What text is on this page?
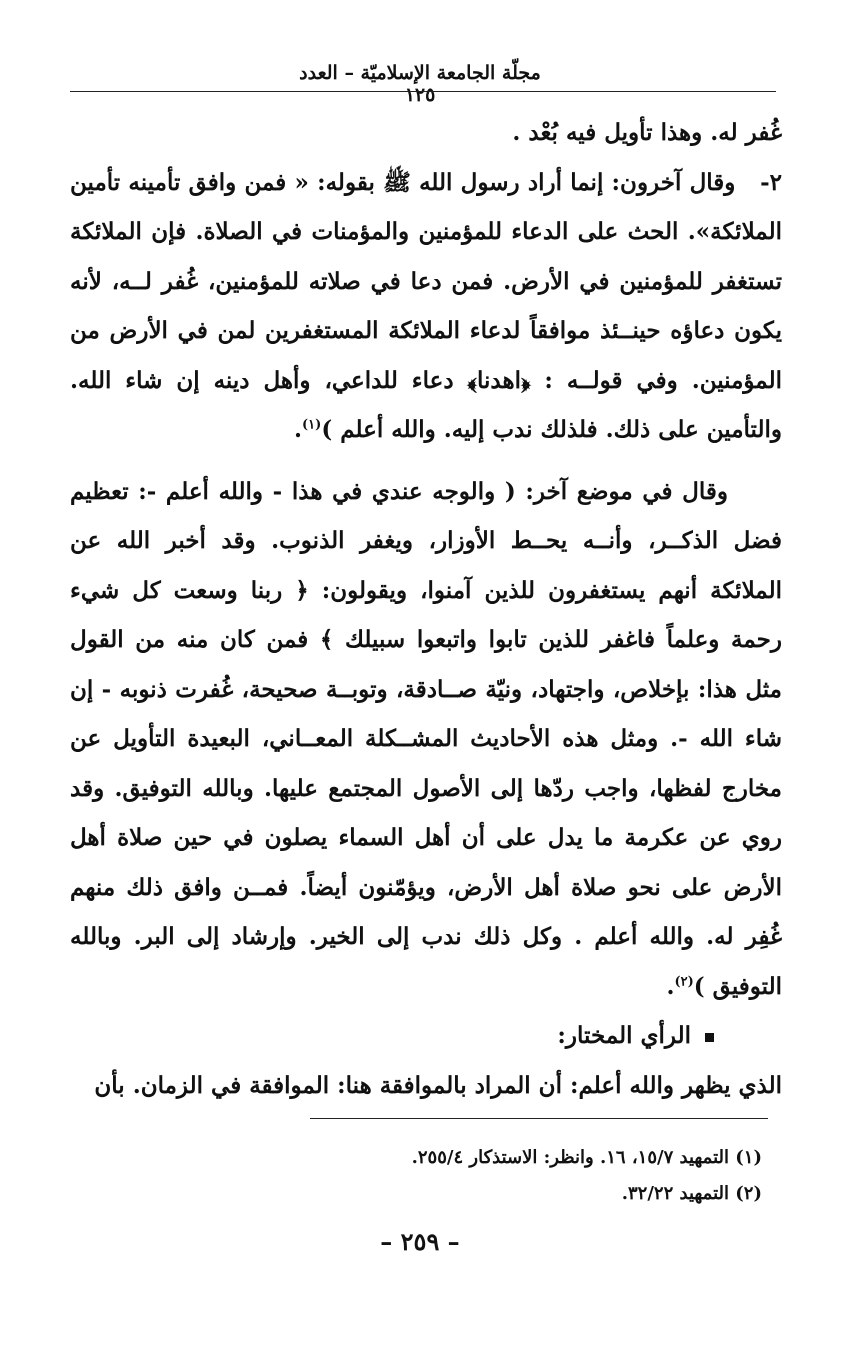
مجلّة الجامعة الإسلاميّة – العدد ١٢٥

غُفر له. وهذا تأويل فيه بُعْد .

٢-   وقال آخرون: إنما أراد رسول الله ﷺ بقوله: « فمن وافق تأمينه تأمين الملائكة». الحث على الدعاء للمؤمنين والمؤمنات في الصلاة. فإن الملائكة تستغفر للمؤمنين في الأرض. فمن دعا في صلاته للمؤمنين، غُفر لــه، لأنه يكون دعاؤه حينــئذ موافقاً لدعاء الملائكة المستغفرين لمن في الأرض من المؤمنين. وفي قولــه : ﴿اهدنا﴾ دعاء للداعي، وأهل دينه إن شاء الله. والتأمين على ذلك. فلذلك ندب إليه. والله أعلم )$^{(١)}$.

وقال في موضع آخر: ( والوجه عندي في هذا - والله أعلم -: تعظيم فضل الذكــر، وأنــه يحــط الأوزار، ويغفر الذنوب. وقد أخبر الله عن الملائكة أنهم يستغفرون للذين آمنوا، ويقولون: ﴿ ربنا وسعت كل شيء رحمة وعلماً فاغفر للذين تابوا واتبعوا سبيلك ﴾ فمن كان منه من القول مثل هذا: بإخلاص، واجتهاد، ونيّة صــادقة، وتوبــة صحيحة، غُفرت ذنوبه - إن شاء الله -. ومثل هذه الأحاديث المشــكلة المعــاني، البعيدة التأويل عن مخارج لفظها، واجب ردّها إلى الأصول المجتمع عليها. وبالله التوفيق. وقد روي عن عكرمة ما يدل على أن أهل السماء يصلون في حين صلاة أهل الأرض على نحو صلاة أهل الأرض، ويؤمّنون أيضاً. فمــن وافق ذلك منهم غُفِر له. والله أعلم . وكل ذلك ندب إلى الخير. وإرشاد إلى البر. وبالله التوفيق )$^{(٢)}$.

الرأي المختار:

الذي يظهر والله أعلم: أن المراد بالموافقة هنا: الموافقة في الزمان. بأن

(١) التمهيد ١٥/٧، ١٦. وانظر: الاستذكار ٢٥٥/٤.

(٢) التمهيد ٣٢/٢٢.

– ٢٥٩ –
